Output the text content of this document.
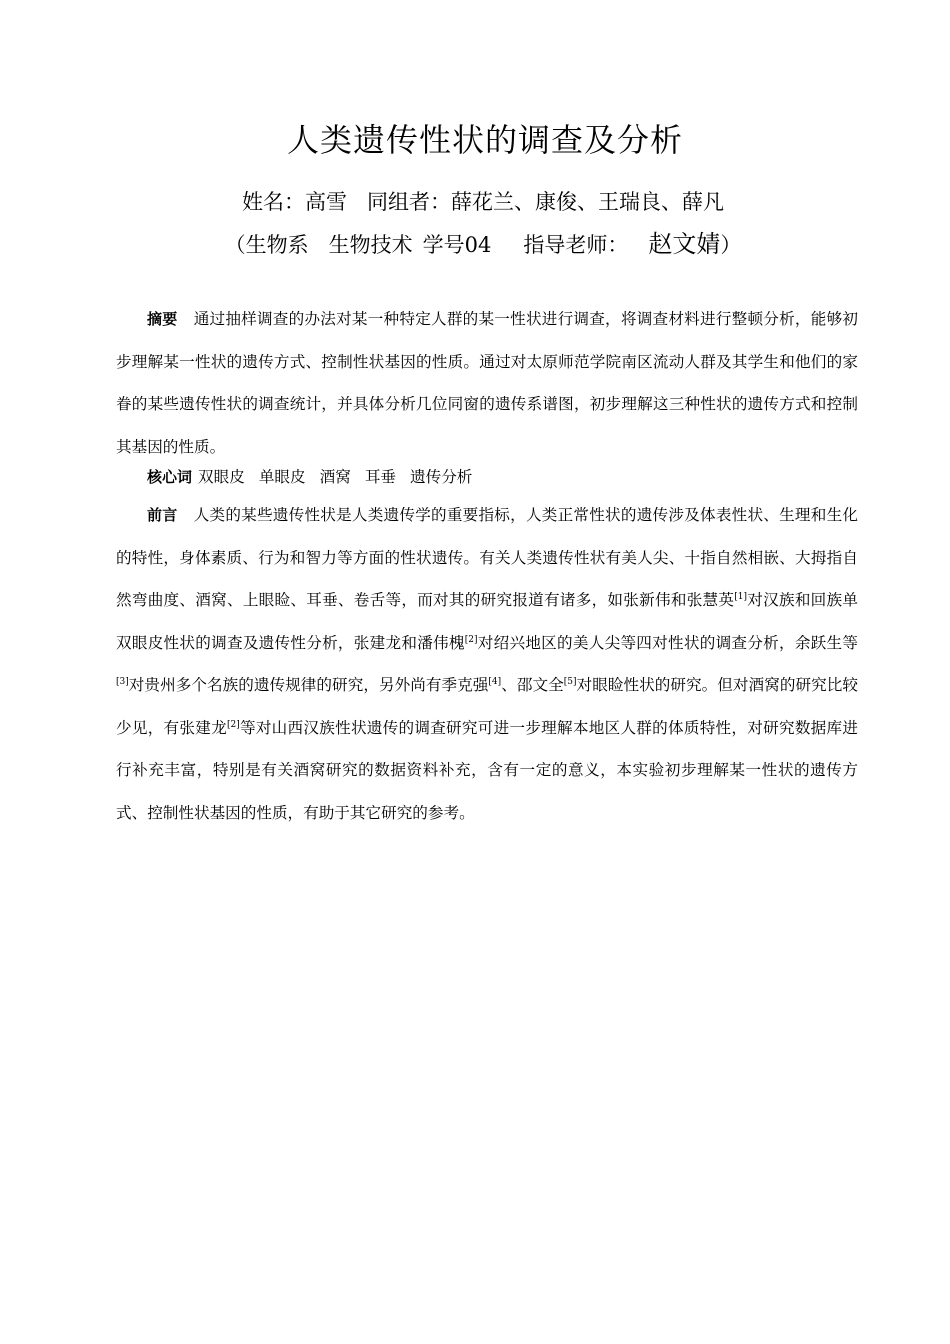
人类遗传性状的调查及分析
姓名：高雪 同组者：薛花兰、康俊、王瑞良、薛凡
（生物系 生物技术 学号04 指导老师： 赵文婧）

摘要 通过抽样调查的办法对某一种特定人群的某一性状进行调查，将调查材料进行整顿分析，能够初步理解某一性状的遗传方式、控制性状基因的性质。通过对太原师范学院南区流动人群及其学生和他们的家眷的某些遗传性状的调查统计，并具体分析几位同窗的遗传系谱图，初步理解这三种性状的遗传方式和控制其基因的性质。

核心词 双眼皮 单眼皮 酒窝 耳垂 遗传分析

前言 人类的某些遗传性状是人类遗传学的重要指标，人类正常性状的遗传涉及体表性状、生理和生化的特性，身体素质、行为和智力等方面的性状遗传。有关人类遗传性状有美人尖、十指自然相嵌、大拇指自然弯曲度、酒窝、上眼睑、耳垂、卷舌等，而对其的研究报道有诸多，如张新伟和张慧英[1]对汉族和回族单双眼皮性状的调查及遗传性分析，张建龙和潘伟槐[2]对绍兴地区的美人尖等四对性状的调查分析，余跃生等[3]对贵州多个名族的遗传规律的研究，另外尚有季克强[4]、邵文全[5]对眼睑性状的研究。但对酒窝的研究比较少见，有张建龙[2]等对山西汉族性状遗传的调查研究可进一步理解本地区人群的体质特性，对研究数据库进行补充丰富，特别是有关酒窝研究的数据资料补充，含有一定的意义，本实验初步理解某一性状的遗传方式、控制性状基因的性质，有助于其它研究的参考。
